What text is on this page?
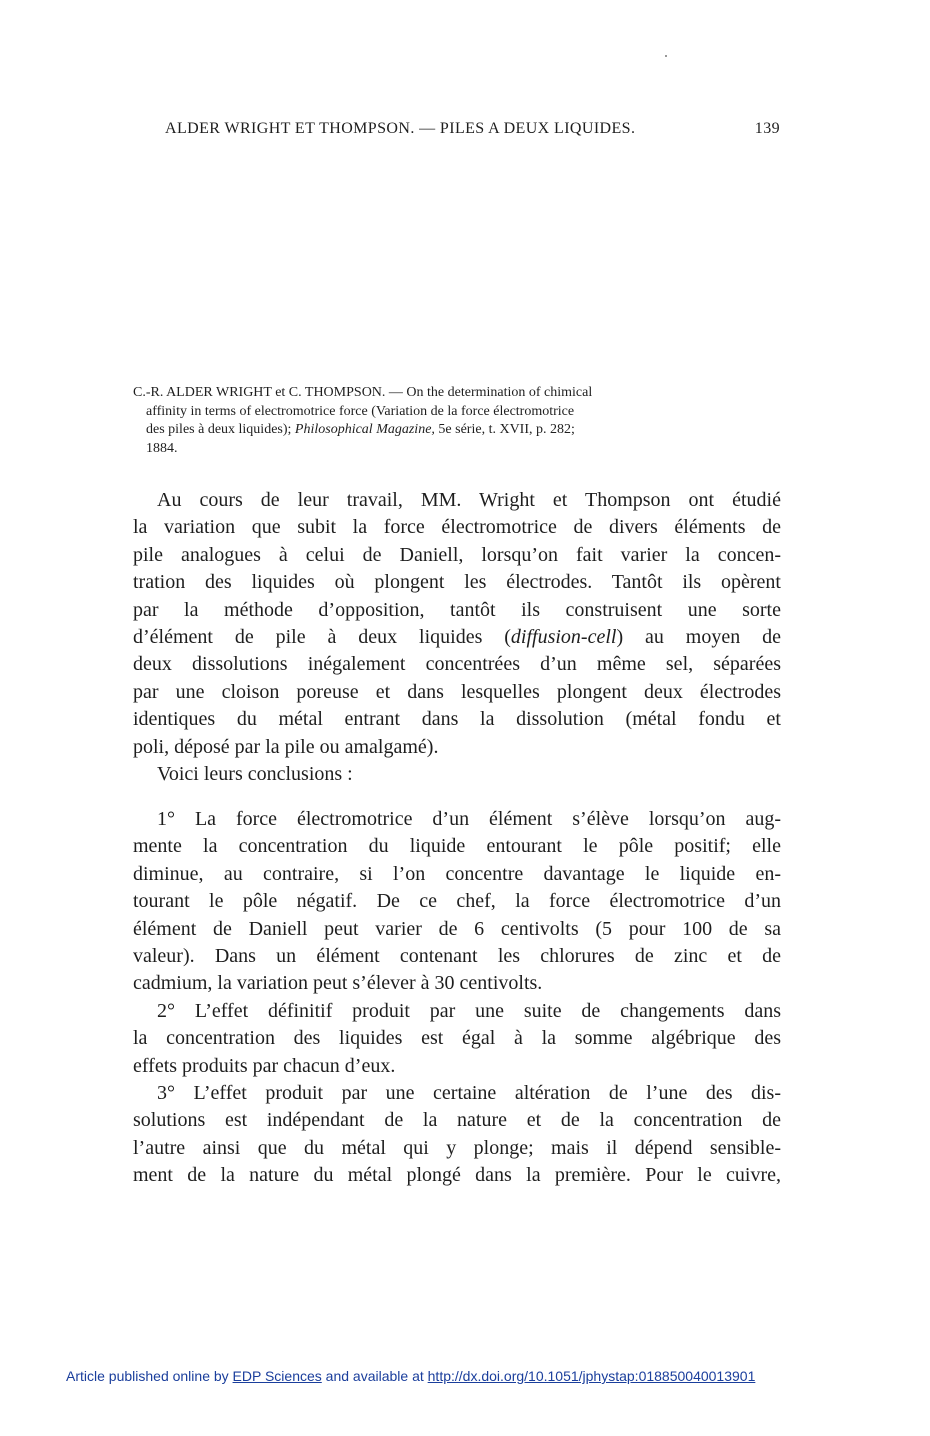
ALDER WRIGHT ET THOMPSON. — PILES A DEUX LIQUIDES.	139
C.-R. ALDER WRIGHT et C. THOMPSON. — On the determination of chimical
affinity in terms of electromotrice force (Variation de la force électromotrice
des piles à deux liquides); Philosophical Magazine, 5e série, t. XVII, p. 282;
1884.
Au cours de leur travail, MM. Wright et Thompson ont étudié
la variation que subit la force électromotrice de divers éléments de
pile analogues à celui de Daniell, lorsqu’on fait varier la concen-
tration des liquides où plongent les électrodes. Tantôt ils opèrent
par la méthode d’opposition, tantôt ils construisent une sorte
d’élément de pile à deux liquides (diffusion-cell) au moyen de
deux dissolutions inégalement concentrées d’un même sel, séparées
par une cloison poreuse et dans lesquelles plongent deux électrodes
identiques du métal entrant dans la dissolution (métal fondu et
poli, déposé par la pile ou amalgamé).
Voici leurs conclusions :
1° La force électromotrice d’un élément s’élève lorsqu’on aug-
mente la concentration du liquide entourant le pôle positif; elle
diminue, au contraire, si l’on concentre davantage le liquide en-
tourant le pôle négatif. De ce chef, la force électromotrice d’un
élément de Daniell peut varier de 6 centivolts (5 pour 100 de sa
valeur). Dans un élément contenant les chlorures de zinc et de
cadmium, la variation peut s’élever à 30 centivolts.
2° L’effet définitif produit par une suite de changements dans
la concentration des liquides est égal à la somme algébrique des
effets produits par chacun d’eux.
3° L’effet produit par une certaine altération de l’une des dis-
solutions est indépendant de la nature et de la concentration de
l’autre ainsi que du métal qui y plonge; mais il dépend sensible-
ment de la nature du métal plongé dans la première. Pour le cuivre,
Article published online by EDP Sciences and available at http://dx.doi.org/10.1051/jphystap:018850040013901
